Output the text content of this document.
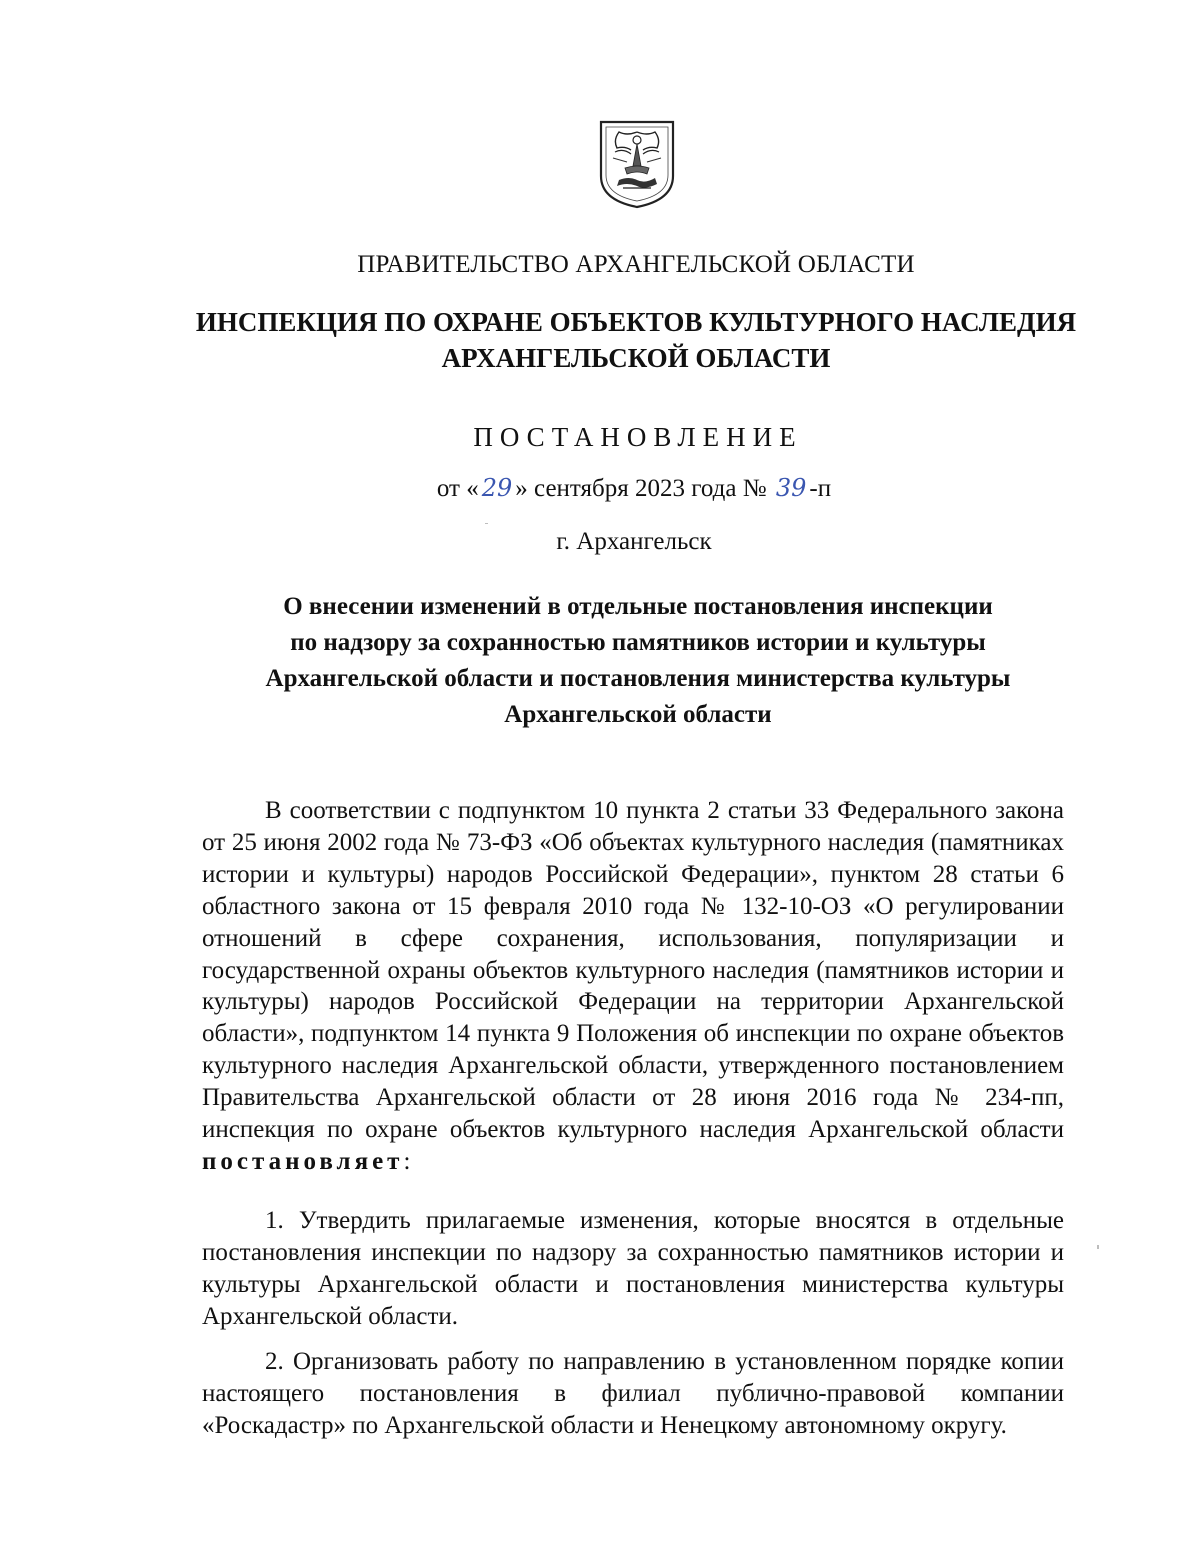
ПРАВИТЕЛЬСТВО АРХАНГЕЛЬСКОЙ ОБЛАСТИ
ИНСПЕКЦИЯ ПО ОХРАНЕ ОБЪЕКТОВ КУЛЬТУРНОГО НАСЛЕДИЯ
АРХАНГЕЛЬСКОЙ ОБЛАСТИ
ПОСТАНОВЛЕНИЕ
от « 29 » сентября 2023 года № 39 -п
г. Архангельск
О внесении изменений в отдельные постановления инспекции
по надзору за сохранностью памятников истории и культуры
Архангельской области и постановления министерства культуры
Архангельской области

В соответствии с подпунктом 10 пункта 2 статьи 33 Федерального закона от 25 июня 2002 года № 73-ФЗ «Об объектах культурного наследия (памятниках истории и культуры) народов Российской Федерации», пунктом 28 статьи 6 областного закона от 15 февраля 2010 года № 132-10-ОЗ «О регулировании отношений в сфере сохранения, использования, популяризации и государственной охраны объектов культурного наследия (памятников истории и культуры) народов Российской Федерации на территории Архангельской области», подпунктом 14 пункта 9 Положения об инспекции по охране объектов культурного наследия Архангельской области, утвержденного постановлением Правительства Архангельской области от 28 июня 2016 года № 234-пп, инспекция по охране объектов культурного наследия Архангельской области постановляет:

1. Утвердить прилагаемые изменения, которые вносятся в отдельные постановления инспекции по надзору за сохранностью памятников истории и культуры Архангельской области и постановления министерства культуры Архангельской области.

2. Организовать работу по направлению в установленном порядке копии настоящего постановления в филиал публично-правовой компании «Роскадастр» по Архангельской области и Ненецкому автономному округу.
